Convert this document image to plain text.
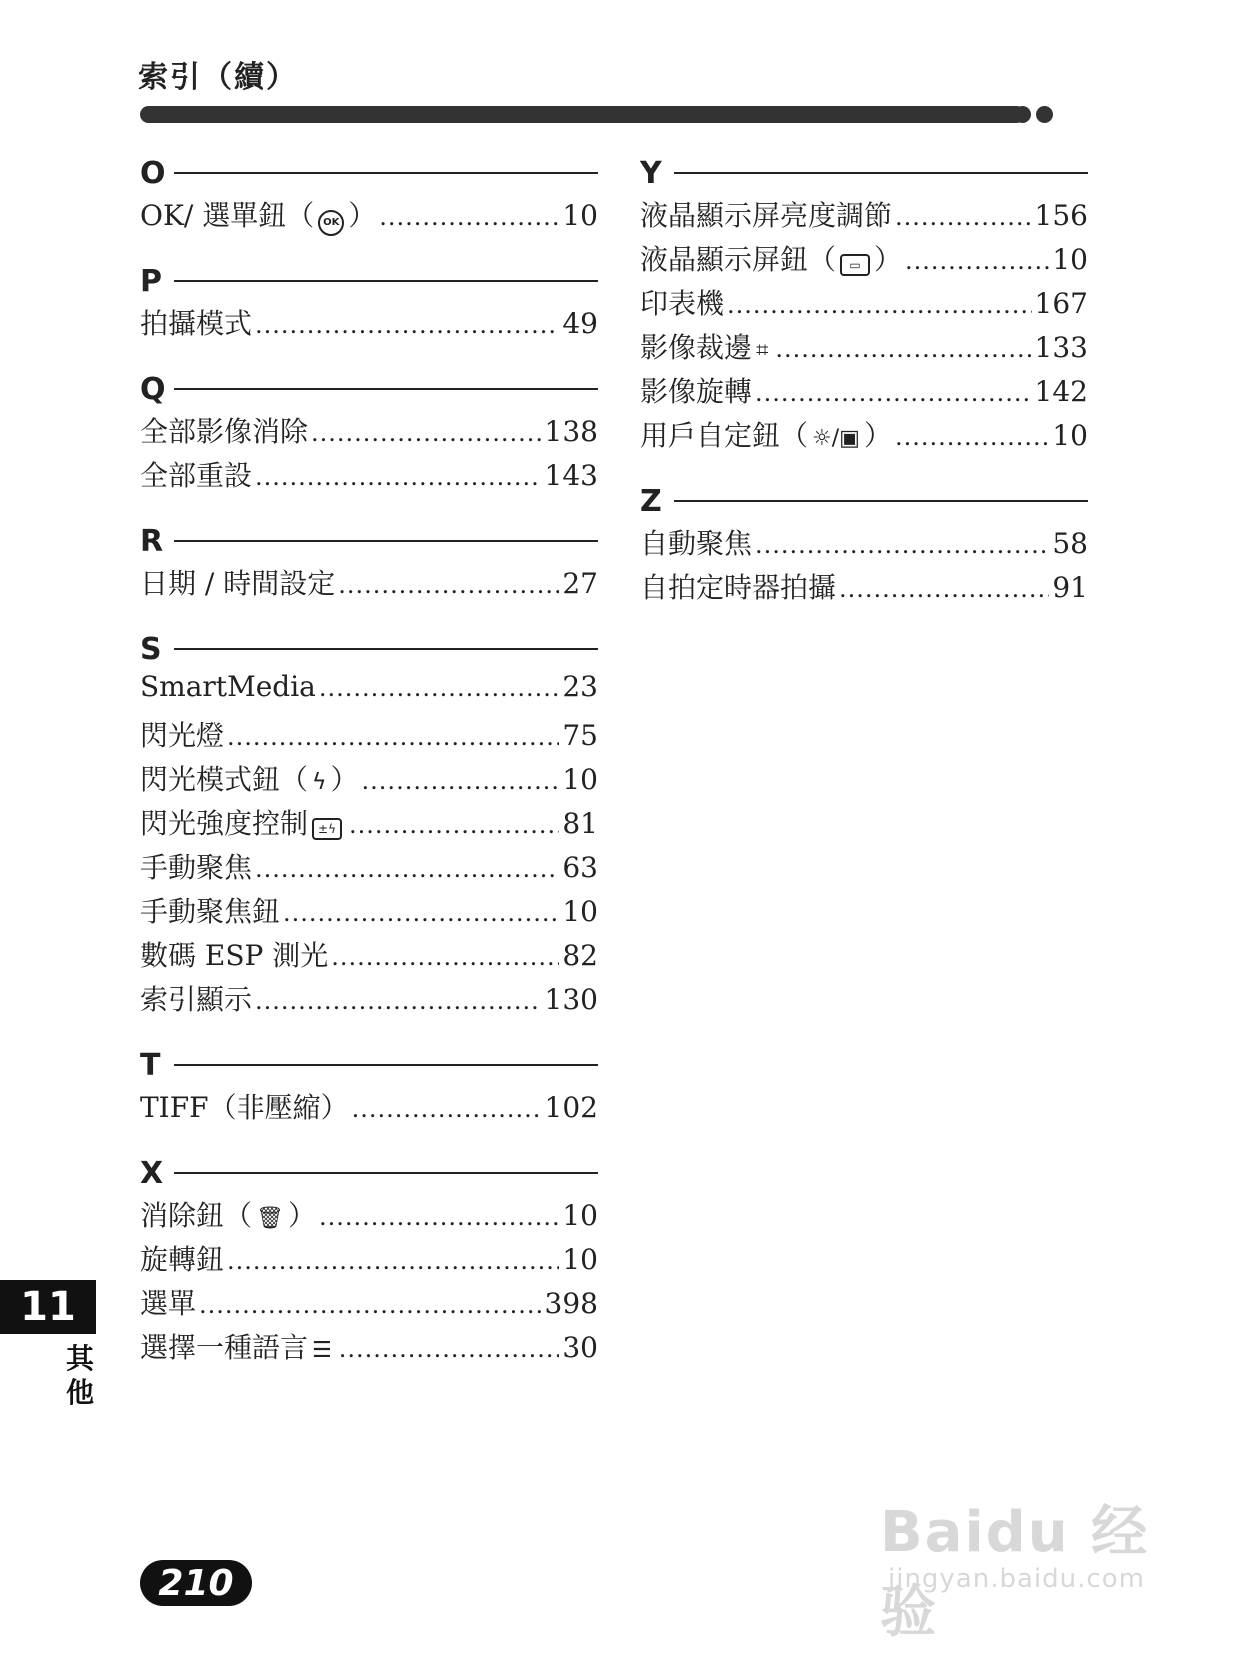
索引（續）
O
OK/ 選單鈕（ OK ） .....	10
P
拍攝模式 .....	49
Q
全部影像消除 .....	138
全部重設 .....	143
R
日期 / 時間設定 .....	27
S
SmartMedia .....	23
閃光燈 .....	75
閃光模式鈕（ ϟ ） .....	10
閃光強度控制 ±ϟ .....	81
手動聚焦 .....	63
手動聚焦鈕 .....	10
數碼 ESP 測光 .....	82
索引顯示 .....	130
T
TIFF（非壓縮） .....	102
X
消除鈕（ 🗑 ） .....	10
旋轉鈕 .....	10
選單 .....	398
選擇一種語言 ☰ .....	30
Y
液晶顯示屏亮度調節 .....	156
液晶顯示屏鈕（	▭ ） .....	10
印表機 .....	167
影像裁邊 ⌗ .....	133
影像旋轉 .....	142
用戶自定鈕（ ☼/▣ ） .....	10
Z
自動聚焦 .....	58
自拍定時器拍攝 .....	91
11
其他
210
Baidu 经验
jingyan.baidu.com
